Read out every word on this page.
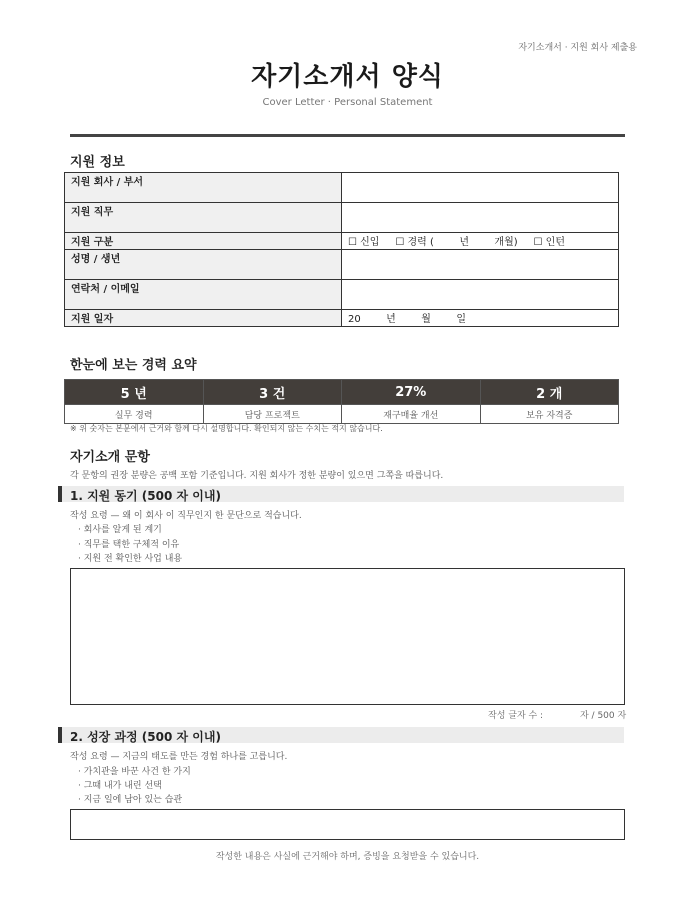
자기소개서 · 지원 회사 제출용
자기소개서 양식
Cover Letter · Personal Statement
지원 정보
지원 회사 / 부서	
지원 직무	
지원 구분	☐ 신입     ☐ 경력 (        년        개월)     ☐ 인턴
성명 / 생년	
연락처 / 이메일	
지원 일자	20        년        월        일
한눈에 보는 경력 요약
5 년	3 건	27%	2 개
실무 경력	담당 프로젝트	재구매율 개선	보유 자격증
※ 위 숫자는 본문에서 근거와 함께 다시 설명합니다. 확인되지 않는 수치는 적지 않습니다.
자기소개 문항
각 문항의 권장 분량은 공백 포함 기준입니다. 지원 회사가 정한 분량이 있으면 그쪽을 따릅니다.
1. 지원 동기 (500 자 이내)
작성 요령 — 왜 이 회사 이 직무인지 한 문단으로 적습니다.
· 회사를 알게 된 계기
· 직무를 택한 구체적 이유
· 지원 전 확인한 사업 내용
작성 글자 수 :	자 / 500 자
2. 성장 과정 (500 자 이내)
작성 요령 — 지금의 태도를 만든 경험 하나를 고릅니다.
· 가치관을 바꾼 사건 한 가지
· 그때 내가 내린 선택
· 지금 일에 남아 있는 습관
작성한 내용은 사실에 근거해야 하며, 증빙을 요청받을 수 있습니다.
